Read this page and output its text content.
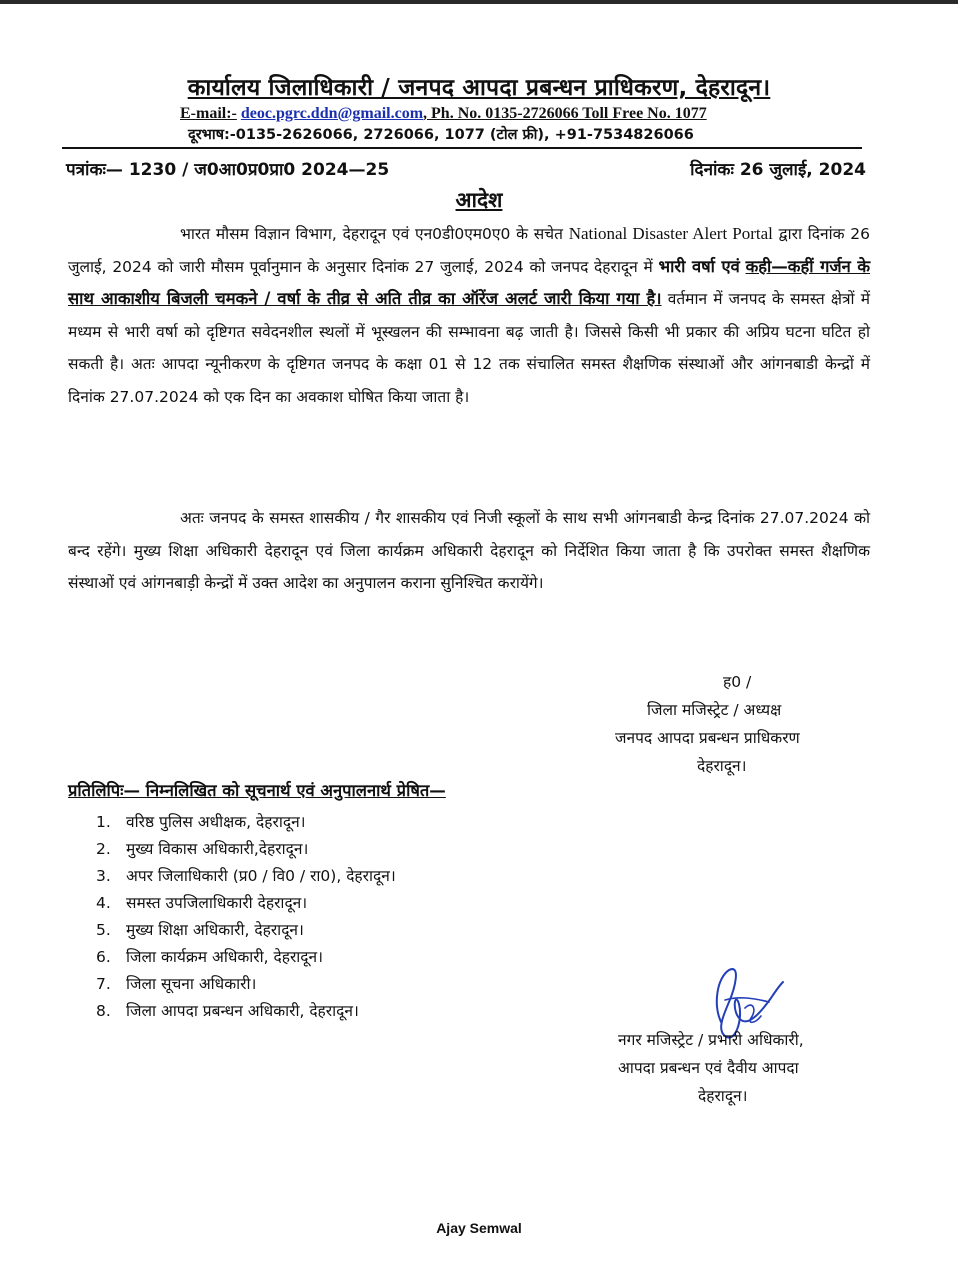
कार्यालय जिलाधिकारी / जनपद आपदा प्रबन्धन प्राधिकरण, देहरादून।
E-mail:- deoc.pgrc.ddn@gmail.com, Ph. No. 0135-2726066 Toll Free No. 1077
दूरभाष:-0135-2626066, 2726066, 1077 (टोल फ्री), +91-7534826066
पत्रांकः— 1230 / ज0आ0प्र0प्रा0 2024—25	दिनांकः 26 जुलाई, 2024
आदेश
भारत मौसम विज्ञान विभाग, देहरादून एवं एन0डी0एम0ए0 के सचेत National Disaster Alert Portal द्वारा दिनांक 26 जुलाई, 2024 को जारी मौसम पूर्वानुमान के अनुसार दिनांक 27 जुलाई, 2024 को जनपद देहरादून में भारी वर्षा एवं कही—कहीं गर्जन के साथ आकाशीय बिजली चमकने / वर्षा के तीव्र से अति तीव्र का ऑरेंज अलर्ट जारी किया गया है। वर्तमान में जनपद के समस्त क्षेत्रों में मध्यम से भारी वर्षा को दृष्टिगत सवेदनशील स्थलों में भूस्खलन की सम्भावना बढ़ जाती है। जिससे किसी भी प्रकार की अप्रिय घटना घटित हो सकती है। अतः आपदा न्यूनीकरण के दृष्टिगत जनपद के कक्षा 01 से 12 तक संचालित समस्त शैक्षणिक संस्थाओं और आंगनबाडी केन्द्रों में दिनांक 27.07.2024 को एक दिन का अवकाश घोषित किया जाता है।
अतः जनपद के समस्त शासकीय / गैर शासकीय एवं निजी स्कूलों के साथ सभी आंगनबाडी केन्द्र दिनांक 27.07.2024 को बन्द रहेंगे। मुख्य शिक्षा अधिकारी देहरादून एवं जिला कार्यक्रम अधिकारी देहरादून को निर्देशित किया जाता है कि उपरोक्त समस्त शैक्षणिक संस्थाओं एवं आंगनबाड़ी केन्द्रों में उक्त आदेश का अनुपालन कराना सुनिश्चित करायेंगे।
ह0 /
जिला मजिस्ट्रेट / अध्यक्ष
जनपद आपदा प्रबन्धन प्राधिकरण
देहरादून।
प्रतिलिपिः— निम्नलिखित को सूचनार्थ एवं अनुपालनार्थ प्रेषित—
1. वरिष्ठ पुलिस अधीक्षक, देहरादून।
2. मुख्य विकास अधिकारी,देहरादून।
3. अपर जिलाधिकारी (प्र0 / वि0 / रा0), देहरादून।
4. समस्त उपजिलाधिकारी देहरादून।
5. मुख्य शिक्षा अधिकारी, देहरादून।
6. जिला कार्यक्रम अधिकारी, देहरादून।
7. जिला सूचना अधिकारी।
8. जिला आपदा प्रबन्धन अधिकारी, देहरादून।
नगर मजिस्ट्रेट / प्रभारी अधिकारी,
आपदा प्रबन्धन एवं दैवीय आपदा
देहरादून।
Ajay Semwal
